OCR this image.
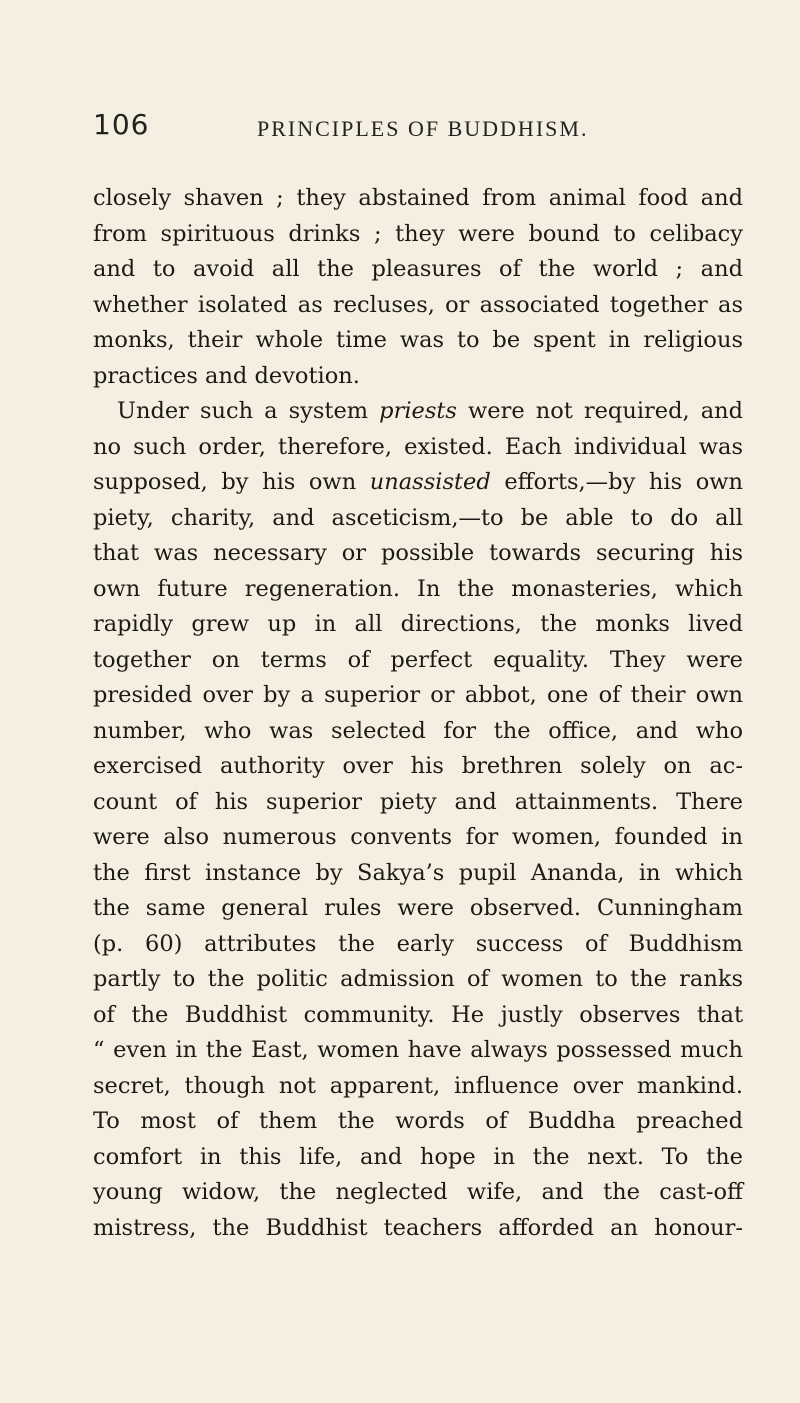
106	PRINCIPLES OF BUDDHISM.
closely shaven ; they abstained from animal food and
from spirituous drinks ; they were bound to celibacy
and to avoid all the pleasures of the world ; and
whether isolated as recluses, or associated together as
monks, their whole time was to be spent in religious
practices and devotion.
Under such a system priests were not required, and
no such order, therefore, existed. Each individual was
supposed, by his own unassisted efforts,—by his own
piety, charity, and asceticism,—to be able to do all
that was necessary or possible towards securing his
own future regeneration. In the monasteries, which
rapidly grew up in all directions, the monks lived
together on terms of perfect equality. They were
presided over by a superior or abbot, one of their own
number, who was selected for the office, and who
exercised authority over his brethren solely on ac-
count of his superior piety and attainments. There
were also numerous convents for women, founded in
the first instance by Sakya’s pupil Ananda, in which
the same general rules were observed. Cunningham
(p. 60) attributes the early success of Buddhism
partly to the politic admission of women to the ranks
of the Buddhist community. He justly observes that
“ even in the East, women have always possessed much
secret, though not apparent, influence over mankind.
To most of them the words of Buddha preached
comfort in this life, and hope in the next. To the
young widow, the neglected wife, and the cast-off
mistress, the Buddhist teachers afforded an honour-
